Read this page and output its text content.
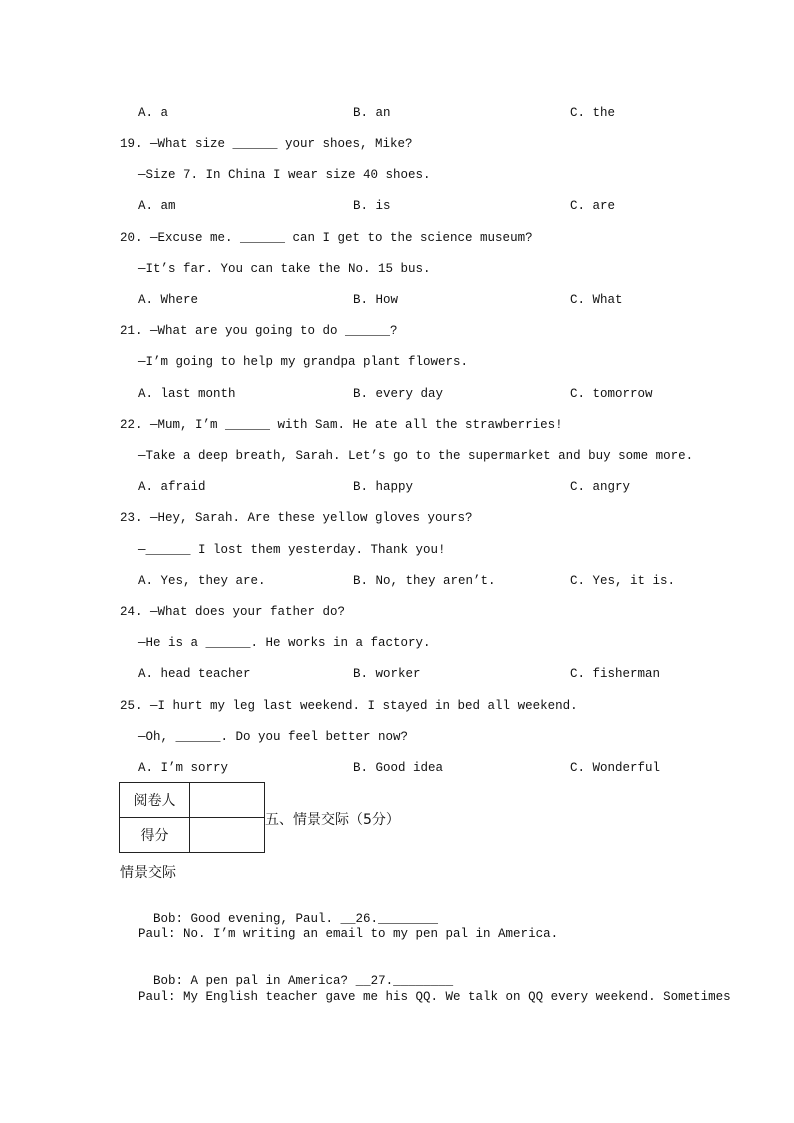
A. a	B. an	C. the
19. —What size ______ your shoes, Mike?
—Size 7. In China I wear size 40 shoes.
A. am	B. is	C. are
20. —Excuse me. ______ can I get to the science museum?
—It’s far. You can take the No. 15 bus.
A. Where	B. How	C. What
21. —What are you going to do ______?
—I’m going to help my grandpa plant flowers.
A. last month	B. every day	C. tomorrow
22. —Mum, I’m ______ with Sam. He ate all the strawberries!
—Take a deep breath, Sarah. Let’s go to the supermarket and buy some more.
A. afraid	B. happy	C. angry
23. —Hey, Sarah. Are these yellow gloves yours?
—______ I lost them yesterday. Thank you!
A. Yes, they are.	B. No, they aren’t.	C. Yes, it is.
24. —What does your father do?
—He is a ______. He works in a factory.
A. head teacher	B. worker	C. fisherman
25. —I hurt my leg last weekend. I stayed in bed all weekend.
—Oh, ______. Do you feel better now?
A. I’m sorry	B. Good idea	C. Wonderful
阅卷人	
得分	
五、情景交际（5分）
情景交际

Bob: Good evening, Paul. __26.________

Paul: No. I’m writing an email to my pen pal in America.

Bob: A pen pal in America? __27.________

Paul: My English teacher gave me his QQ. We talk on QQ every weekend. Sometimes
